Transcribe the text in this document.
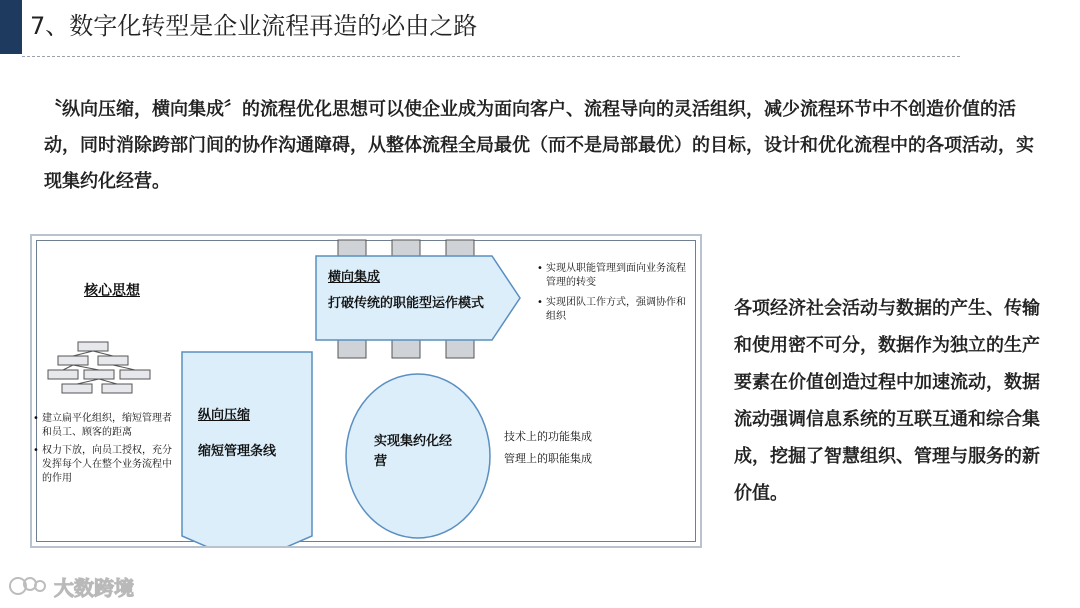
7、数字化转型是企业流程再造的必由之路
〝纵向压缩，横向集成〞的流程优化思想可以使企业成为面向客户、流程导向的灵活组织，减少流程环节中不创造价值的活动，同时消除跨部门间的协作沟通障碍，从整体流程全局最优（而不是局部最优）的目标，设计和优化流程中的各项活动，实现集约化经营。
核心思想
• 建立扁平化组织，缩短管理者和员工、顾客的距离
• 权力下放，向员工授权，充分发挥每个人在整个业务流程中的作用
纵向压缩
缩短管理条线
横向集成
打破传统的职能型运作模式
• 实现从职能管理到面向业务流程管理的转变
• 实现团队工作方式，强调协作和组织
实现集约化经营
技术上的功能集成
管理上的职能集成
各项经济社会活动与数据的产生、传输和使用密不可分，数据作为独立的生产要素在价值创造过程中加速流动，数据流动强调信息系统的互联互通和综合集成，挖掘了智慧组织、管理与服务的新价值。
大数跨境
